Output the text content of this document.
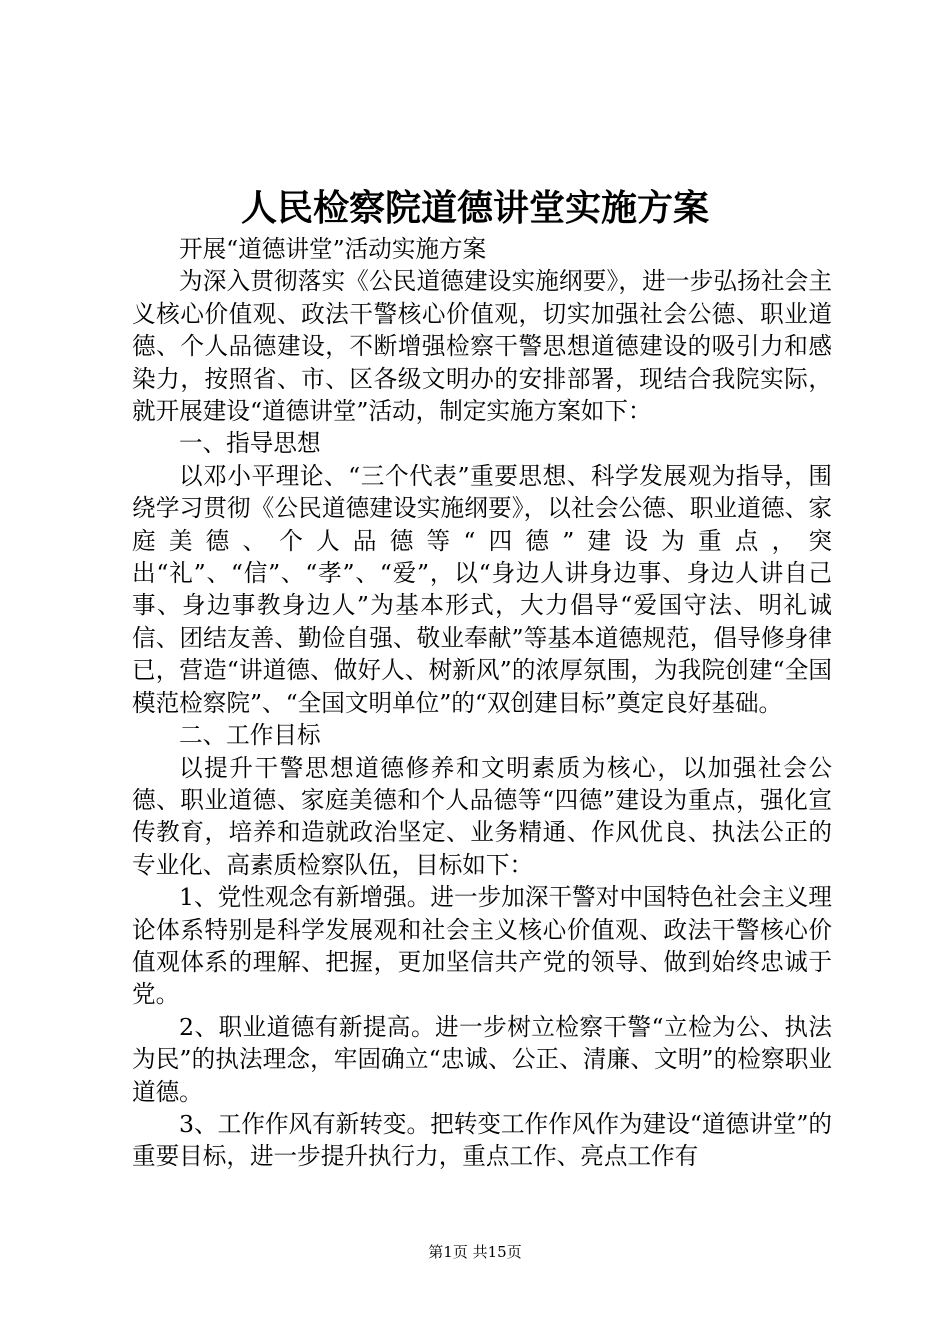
人民检察院道德讲堂实施方案

开展“道德讲堂”活动实施方案

为深入贯彻落实《公民道德建设实施纲要》，进一步弘扬社会主义核心价值观、政法干警核心价值观，切实加强社会公德、职业道德、个人品德建设，不断增强检察干警思想道德建设的吸引力和感染力，按照省、市、区各级文明办的安排部署，现结合我院实际，就开展建设“道德讲堂”活动，制定实施方案如下：

一、指导思想

以邓小平理论、“三个代表”重要思想、科学发展观为指导，围绕学习贯彻《公民道德建设实施纲要》，以社会公德、职业道德、家庭美德、个人品德等“四德”建设为重点，突出“礼”、“信”、“孝”、“爱”，以“身边人讲身边事、身边人讲自己事、身边事教身边人”为基本形式，大力倡导“爱国守法、明礼诚信、团结友善、勤俭自强、敬业奉献”等基本道德规范，倡导修身律已，营造“讲道德、做好人、树新风”的浓厚氛围，为我院创建“全国模范检察院”、“全国文明单位”的“双创建目标”奠定良好基础。

二、工作目标

以提升干警思想道德修养和文明素质为核心，以加强社会公德、职业道德、家庭美德和个人品德等“四德”建设为重点，强化宣传教育，培养和造就政治坚定、业务精通、作风优良、执法公正的专业化、高素质检察队伍，目标如下：

1、党性观念有新增强。进一步加深干警对中国特色社会主义理论体系特别是科学发展观和社会主义核心价值观、政法干警核心价值观体系的理解、把握，更加坚信共产党的领导、做到始终忠诚于党。

2、职业道德有新提高。进一步树立检察干警“立检为公、执法为民”的执法理念，牢固确立“忠诚、公正、清廉、文明”的检察职业道德。

3、工作作风有新转变。把转变工作作风作为建设“道德讲堂”的重要目标，进一步提升执行力，重点工作、亮点工作有

第1页 共15页
